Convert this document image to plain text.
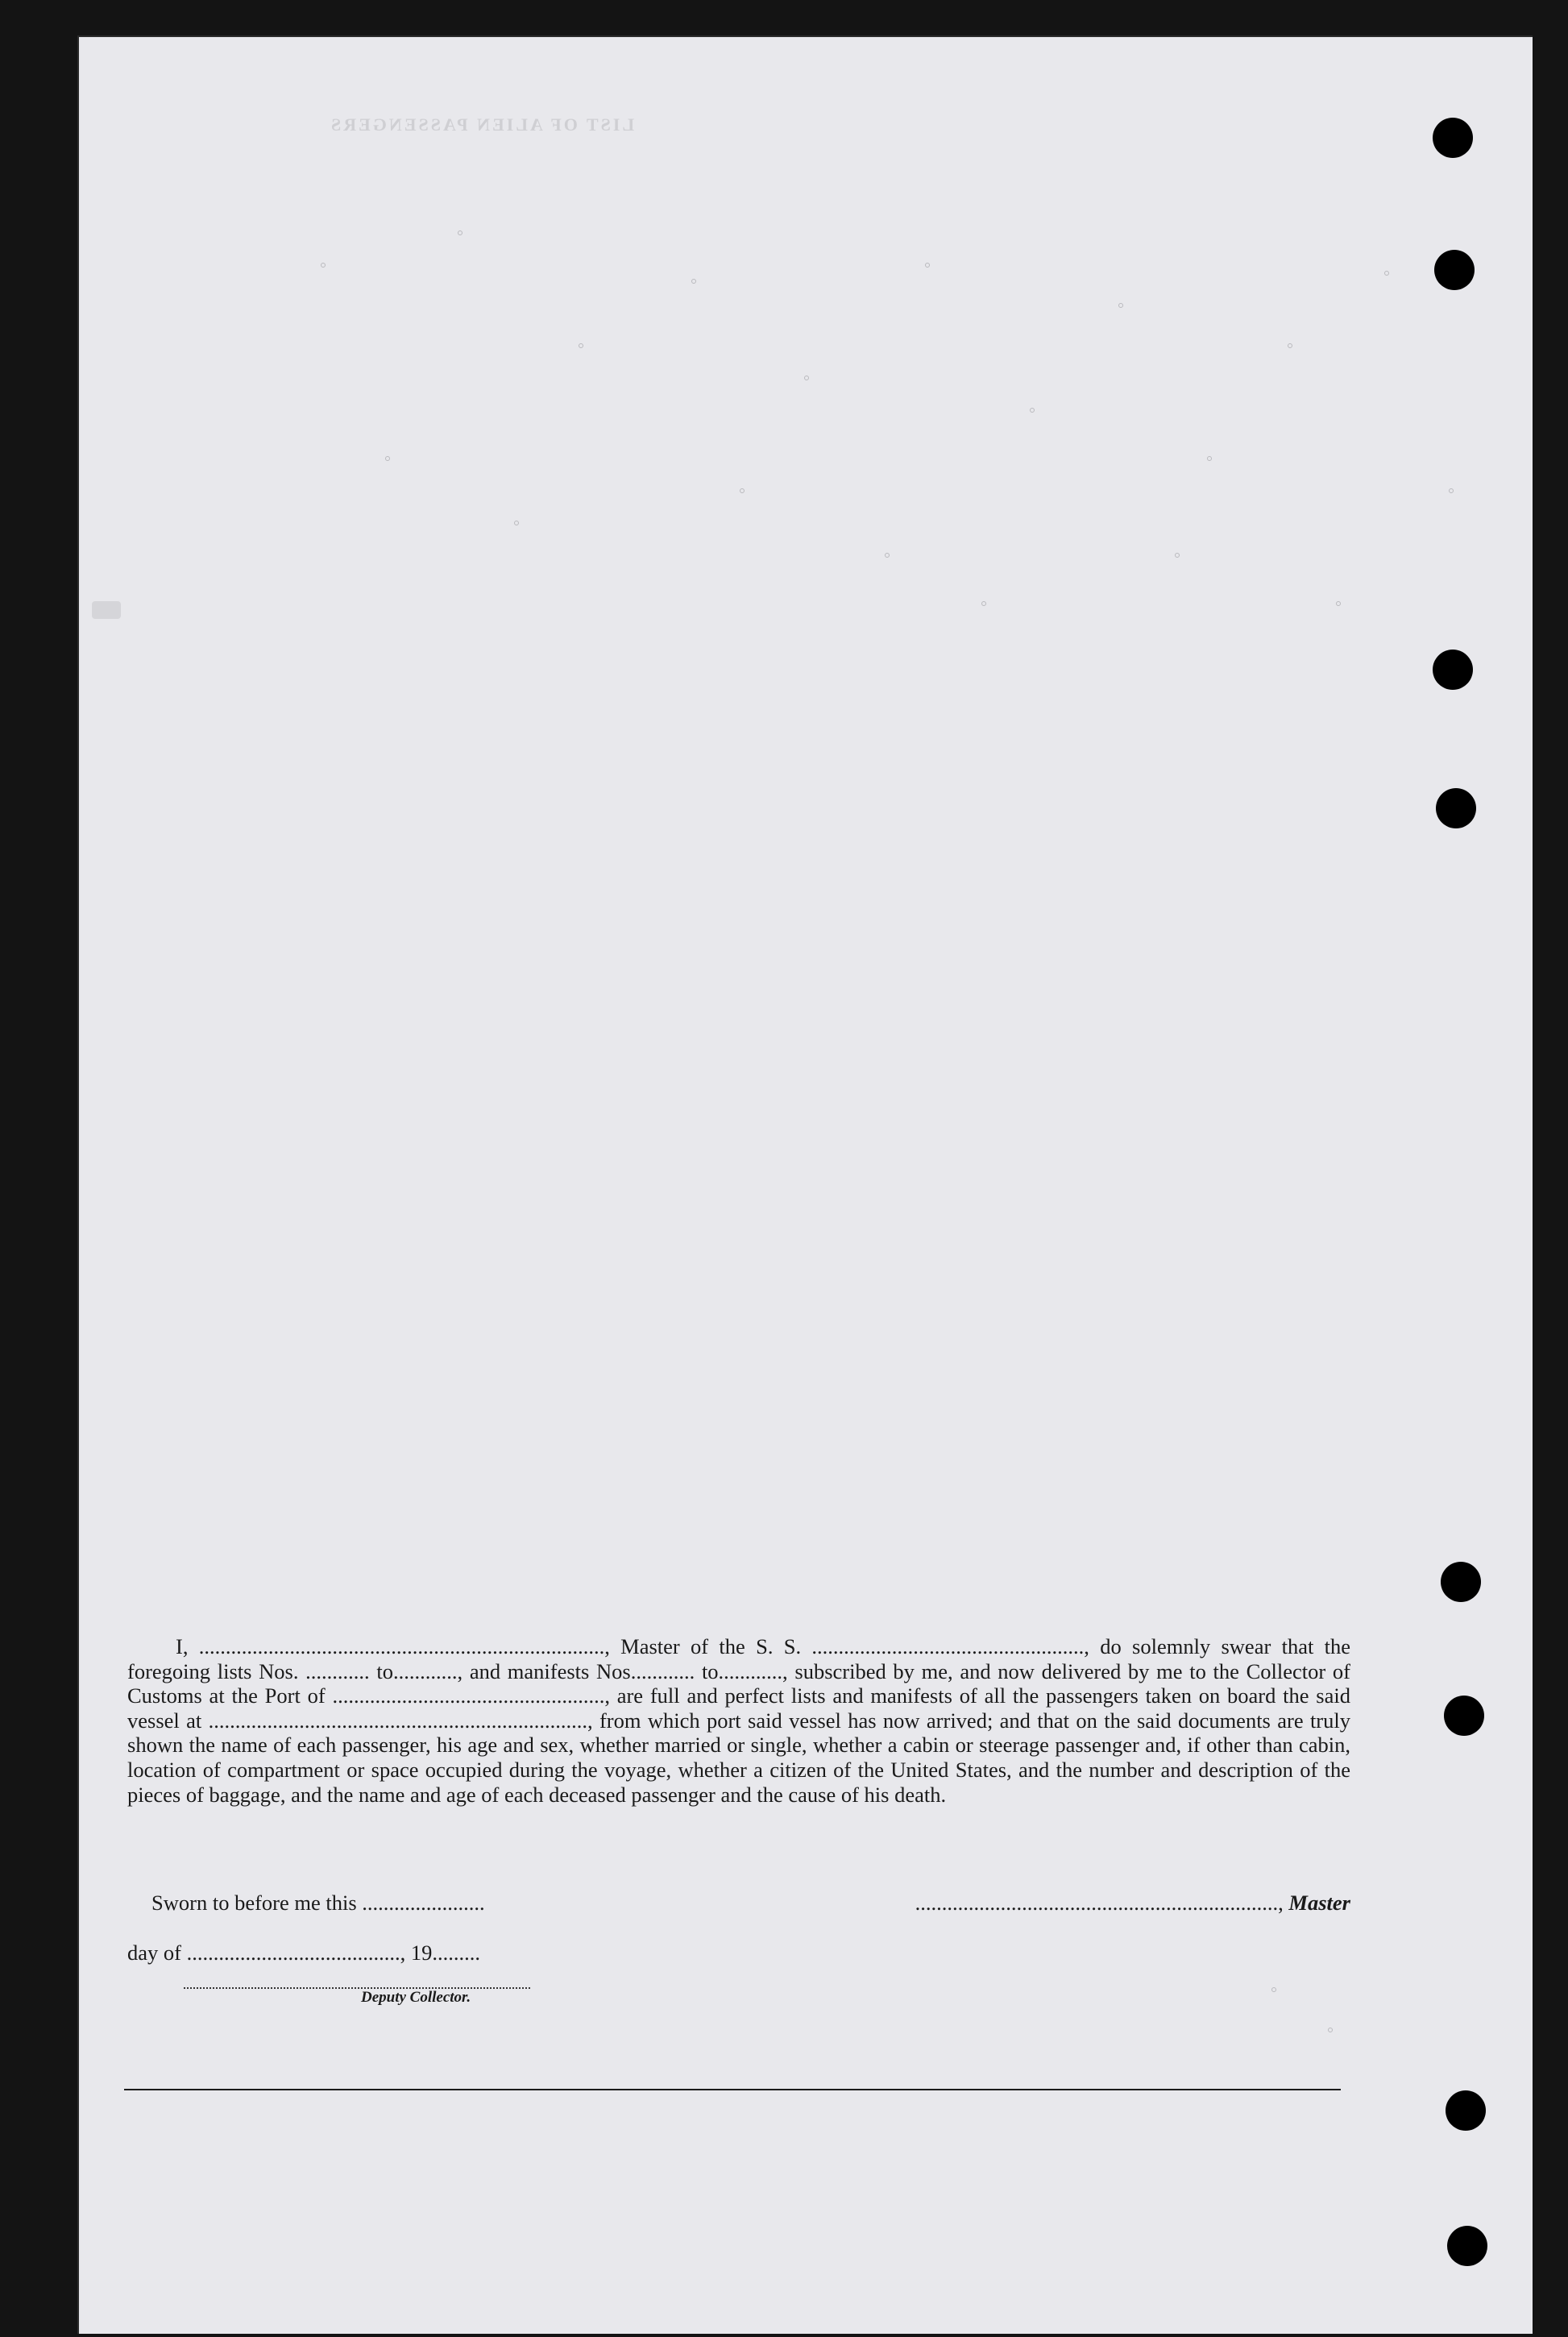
LIST OF ALIEN PASSENGERS

I, ............................................................................, Master of the S. S. ..................................................., do solemnly swear that the foregoing lists Nos. ............ to............, and manifests Nos............ to............, subscribed by me, and now delivered by me to the Collector of Customs at the Port of ..................................................., are full and perfect lists and manifests of all the passengers taken on board the said vessel at ......................................................................., from which port said vessel has now arrived; and that on the said documents are truly shown the name of each passenger, his age and sex, whether married or single, whether a cabin or steerage passenger and, if other than cabin, location of compartment or space occupied during the voyage, whether a citizen of the United States, and the number and description of the pieces of baggage, and the name and age of each deceased passenger and the cause of his death.

Sworn to before me this .......................	...................................................................., Master
day of ........................................, 19.........
Deputy Collector.
